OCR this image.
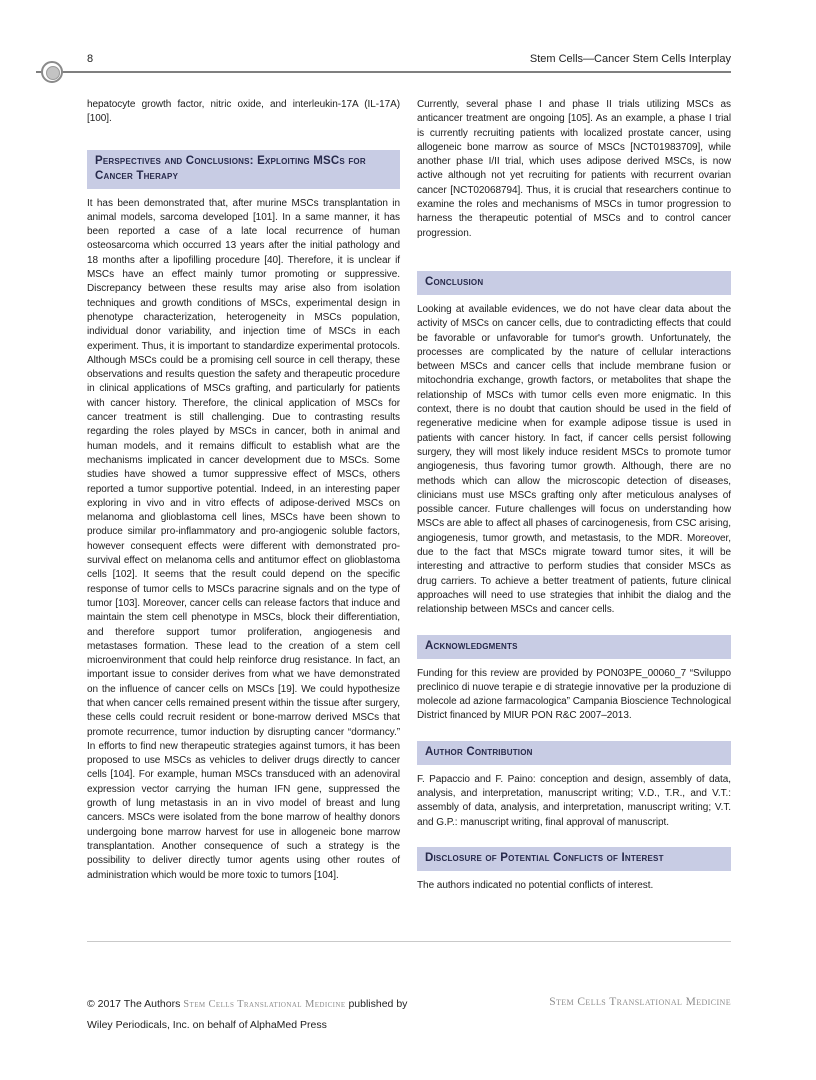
8	Stem Cells—Cancer Stem Cells Interplay

hepatocyte growth factor, nitric oxide, and interleukin-17A (IL-17A) [100].

Perspectives and Conclusions: Exploiting MSCs for Cancer Therapy

It has been demonstrated that, after murine MSCs transplantation in animal models, sarcoma developed [101]. In a same manner, it has been reported a case of a late local recurrence of human osteosarcoma which occurred 13 years after the initial pathology and 18 months after a lipofilling procedure [40]. Therefore, it is unclear if MSCs have an effect mainly tumor promoting or suppressive. Discrepancy between these results may arise also from isolation techniques and growth conditions of MSCs, experimental design in phenotype characterization, heterogeneity in MSCs population, individual donor variability, and injection time of MSCs in each experiment. Thus, it is important to standardize experimental protocols. Although MSCs could be a promising cell source in cell therapy, these observations and results question the safety and therapeutic procedure in clinical applications of MSCs grafting, and particularly for patients with cancer history. Therefore, the clinical application of MSCs for cancer treatment is still challenging. Due to contrasting results regarding the roles played by MSCs in cancer, both in animal and human models, and it remains difficult to establish what are the mechanisms implicated in cancer development due to MSCs. Some studies have showed a tumor suppressive effect of MSCs, others reported a tumor supportive potential. Indeed, in an interesting paper exploring in vivo and in vitro effects of adipose-derived MSCs on melanoma and glioblastoma cell lines, MSCs have been shown to produce similar pro-inflammatory and pro-angiogenic soluble factors, however consequent effects were different with demonstrated pro-survival effect on melanoma cells and antitumor effect on glioblastoma cells [102]. It seems that the result could depend on the specific response of tumor cells to MSCs paracrine signals and on the type of tumor [103]. Moreover, cancer cells can release factors that induce and maintain the stem cell phenotype in MSCs, block their differentiation, and therefore support tumor proliferation, angiogenesis and metastases formation. These lead to the creation of a stem cell microenvironment that could help reinforce drug resistance. In fact, an important issue to consider derives from what we have demonstrated on the influence of cancer cells on MSCs [19]. We could hypothesize that when cancer cells remained present within the tissue after surgery, these cells could recruit resident or bone-marrow derived MSCs that promote recurrence, tumor induction by disrupting cancer “dormancy.” In efforts to find new therapeutic strategies against tumors, it has been proposed to use MSCs as vehicles to deliver drugs directly to cancer cells [104]. For example, human MSCs transduced with an adenoviral expression vector carrying the human IFN gene, suppressed the growth of lung metastasis in an in vivo model of breast and lung cancers. MSCs were isolated from the bone marrow of healthy donors undergoing bone marrow harvest for use in allogeneic bone marrow transplantation. Another consequence of such a strategy is the possibility to deliver directly tumor agents using other routes of administration which would be more toxic to tumors [104].

Currently, several phase I and phase II trials utilizing MSCs as anticancer treatment are ongoing [105]. As an example, a phase I trial is currently recruiting patients with localized prostate cancer, using allogeneic bone marrow as source of MSCs [NCT01983709], while another phase I/II trial, which uses adipose derived MSCs, is now active although not yet recruiting for patients with recurrent ovarian cancer [NCT02068794]. Thus, it is crucial that researchers continue to examine the roles and mechanisms of MSCs in tumor progression to harness the therapeutic potential of MSCs and to control cancer progression.

Conclusion

Looking at available evidences, we do not have clear data about the activity of MSCs on cancer cells, due to contradicting effects that could be favorable or unfavorable for tumor's growth. Unfortunately, the processes are complicated by the nature of cellular interactions between MSCs and cancer cells that include membrane fusion or mitochondria exchange, growth factors, or metabolites that shape the relationship of MSCs with tumor cells even more enigmatic. In this context, there is no doubt that caution should be used in the field of regenerative medicine when for example adipose tissue is used in patients with cancer history. In fact, if cancer cells persist following surgery, they will most likely induce resident MSCs to promote tumor angiogenesis, thus favoring tumor growth. Although, there are no methods which can allow the microscopic detection of diseases, clinicians must use MSCs grafting only after meticulous analyses of possible cancer. Future challenges will focus on understanding how MSCs are able to affect all phases of carcinogenesis, from CSC arising, angiogenesis, tumor growth, and metastasis, to the MDR. Moreover, due to the fact that MSCs migrate toward tumor sites, it will be interesting and attractive to perform studies that consider MSCs as drug carriers. To achieve a better treatment of patients, future clinical approaches will need to use strategies that inhibit the dialog and the relationship between MSCs and cancer cells.

Acknowledgments

Funding for this review are provided by PON03PE_00060_7 “Sviluppo preclinico di nuove terapie e di strategie innovative per la produzione di molecole ad azione farmacologica” Campania Bioscience Technological District financed by MIUR PON R&C 2007–2013.

Author Contribution

F. Papaccio and F. Paino: conception and design, assembly of data, analysis, and interpretation, manuscript writing; V.D., T.R., and V.T.: assembly of data, analysis, and interpretation, manuscript writing; V.T. and G.P.: manuscript writing, final approval of manuscript.

Disclosure of Potential Conflicts of Interest

The authors indicated no potential conflicts of interest.

© 2017 The Authors Stem Cells Translational Medicine published by
Wiley Periodicals, Inc. on behalf of AlphaMed Press
Stem Cells Translational Medicine
